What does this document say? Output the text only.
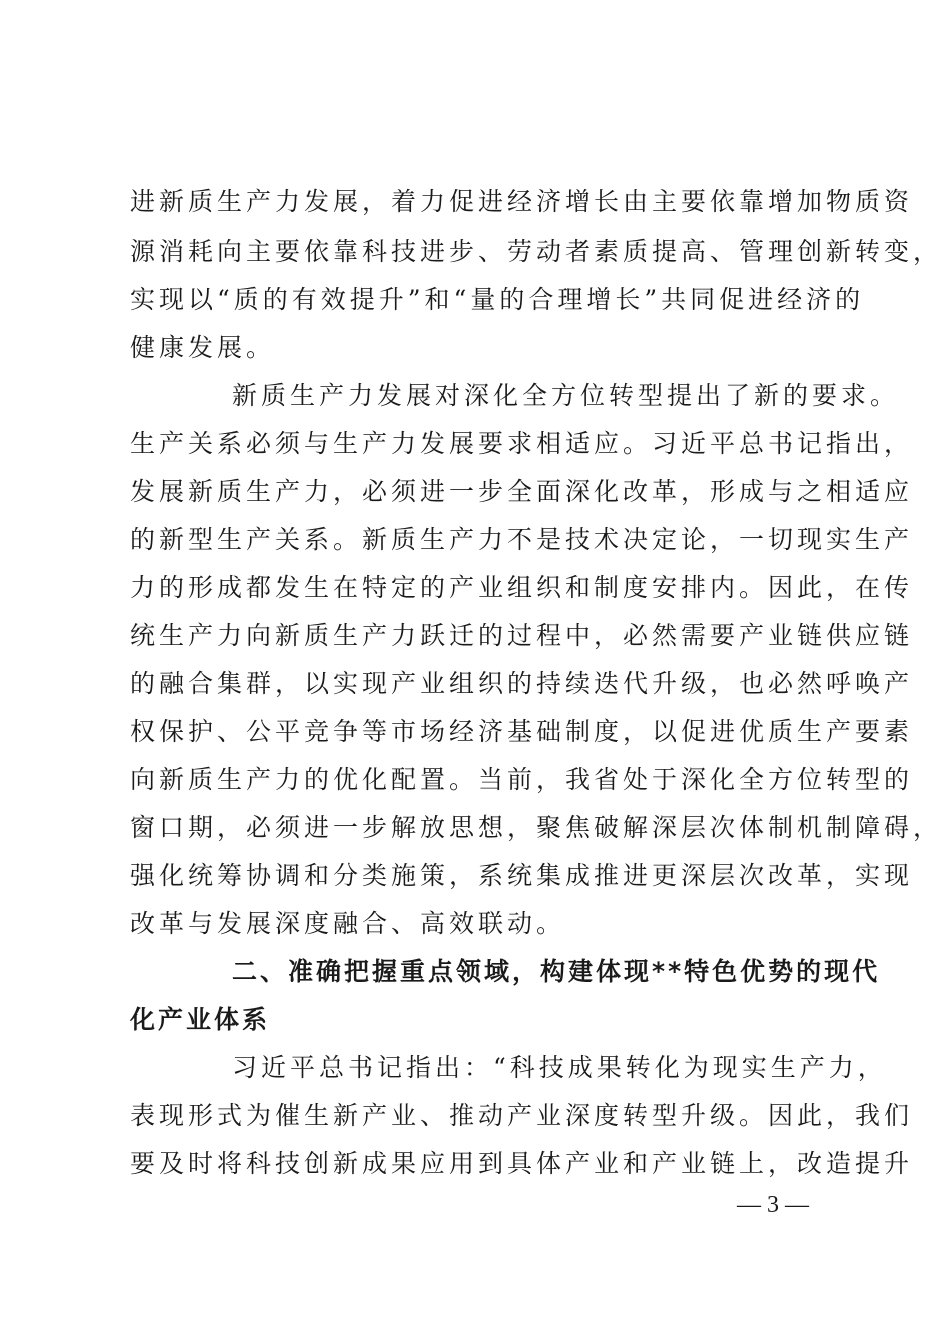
进新质生产力发展，着力促进经济增长由主要依靠增加物质资
源消耗向主要依靠科技进步、劳动者素质提高、管理创新转变，
实现以“质的有效提升”和“量的合理增长”共同促进经济的
健康发展。
新质生产力发展对深化全方位转型提出了新的要求。
生产关系必须与生产力发展要求相适应。习近平总书记指出，
发展新质生产力，必须进一步全面深化改革，形成与之相适应
的新型生产关系。新质生产力不是技术决定论，一切现实生产
力的形成都发生在特定的产业组织和制度安排内。因此，在传
统生产力向新质生产力跃迁的过程中，必然需要产业链供应链
的融合集群，以实现产业组织的持续迭代升级，也必然呼唤产
权保护、公平竞争等市场经济基础制度，以促进优质生产要素
向新质生产力的优化配置。当前，我省处于深化全方位转型的
窗口期，必须进一步解放思想，聚焦破解深层次体制机制障碍，
强化统筹协调和分类施策，系统集成推进更深层次改革，实现
改革与发展深度融合、高效联动。
二、准确把握重点领域，构建体现**特色优势的现代
化产业体系
习近平总书记指出：“科技成果转化为现实生产力，
表现形式为催生新产业、推动产业深度转型升级。因此，我们
要及时将科技创新成果应用到具体产业和产业链上，改造提升
— 3 —
